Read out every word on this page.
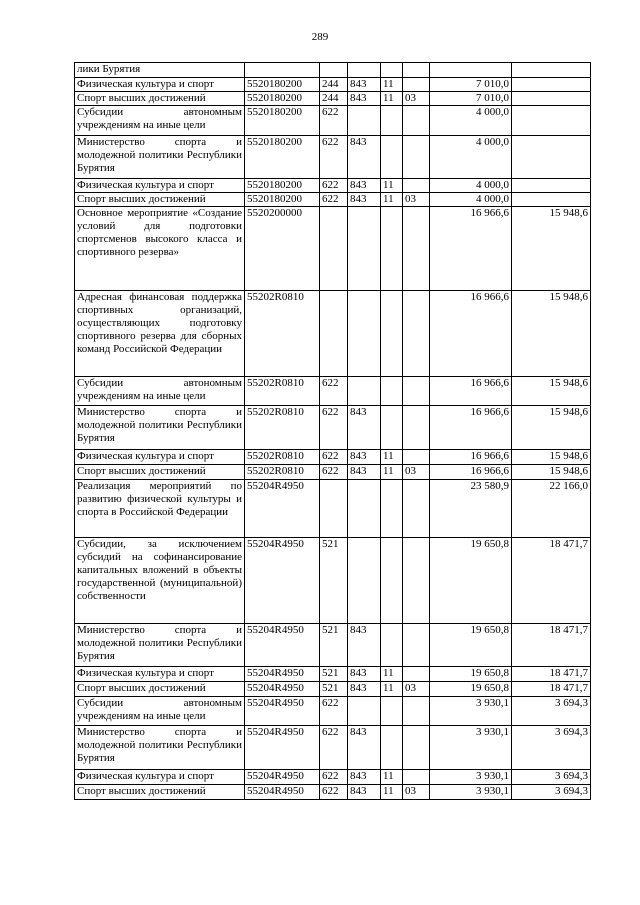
289
лики Бурятия							
Физическая культура и спорт	5520180200	244	843	11		7 010,0	
Спорт высших достижений	5520180200	244	843	11	03	7 010,0	
Субсидии автономным учреждениям на иные цели	5520180200	622				4 000,0	
Министерство спорта и молодежной политики Республики Бурятия	5520180200	622	843			4 000,0	
Физическая культура и спорт	5520180200	622	843	11		4 000,0	
Спорт высших достижений	5520180200	622	843	11	03	4 000,0	
Основное мероприятие «Создание условий для подготовки спортсменов высокого класса и спортивного резерва»	5520200000					16 966,6	15 948,6
Адресная финансовая поддержка спортивных организаций, осуществляющих подготовку спортивного резерва для сборных команд Российской Федерации	55202R0810					16 966,6	15 948,6
Субсидии автономным учреждениям на иные цели	55202R0810	622				16 966,6	15 948,6
Министерство спорта и молодежной политики Республики Бурятия	55202R0810	622	843			16 966,6	15 948,6
Физическая культура и спорт	55202R0810	622	843	11		16 966,6	15 948,6
Спорт высших достижений	55202R0810	622	843	11	03	16 966,6	15 948,6
Реализация мероприятий по развитию физической культуры и спорта в Российской Федерации	55204R4950					23 580,9	22 166,0
Субсидии, за исключением субсидий на софинансирование капитальных вложений в объекты государственной (муниципальной) собственности	55204R4950	521				19 650,8	18 471,7
Министерство спорта и молодежной политики Республики Бурятия	55204R4950	521	843			19 650,8	18 471,7
Физическая культура и спорт	55204R4950	521	843	11		19 650,8	18 471,7
Спорт высших достижений	55204R4950	521	843	11	03	19 650,8	18 471,7
Субсидии автономным учреждениям на иные цели	55204R4950	622				3 930,1	3 694,3
Министерство спорта и молодежной политики Республики Бурятия	55204R4950	622	843			3 930,1	3 694,3
Физическая культура и спорт	55204R4950	622	843	11		3 930,1	3 694,3
Спорт высших достижений	55204R4950	622	843	11	03	3 930,1	3 694,3
